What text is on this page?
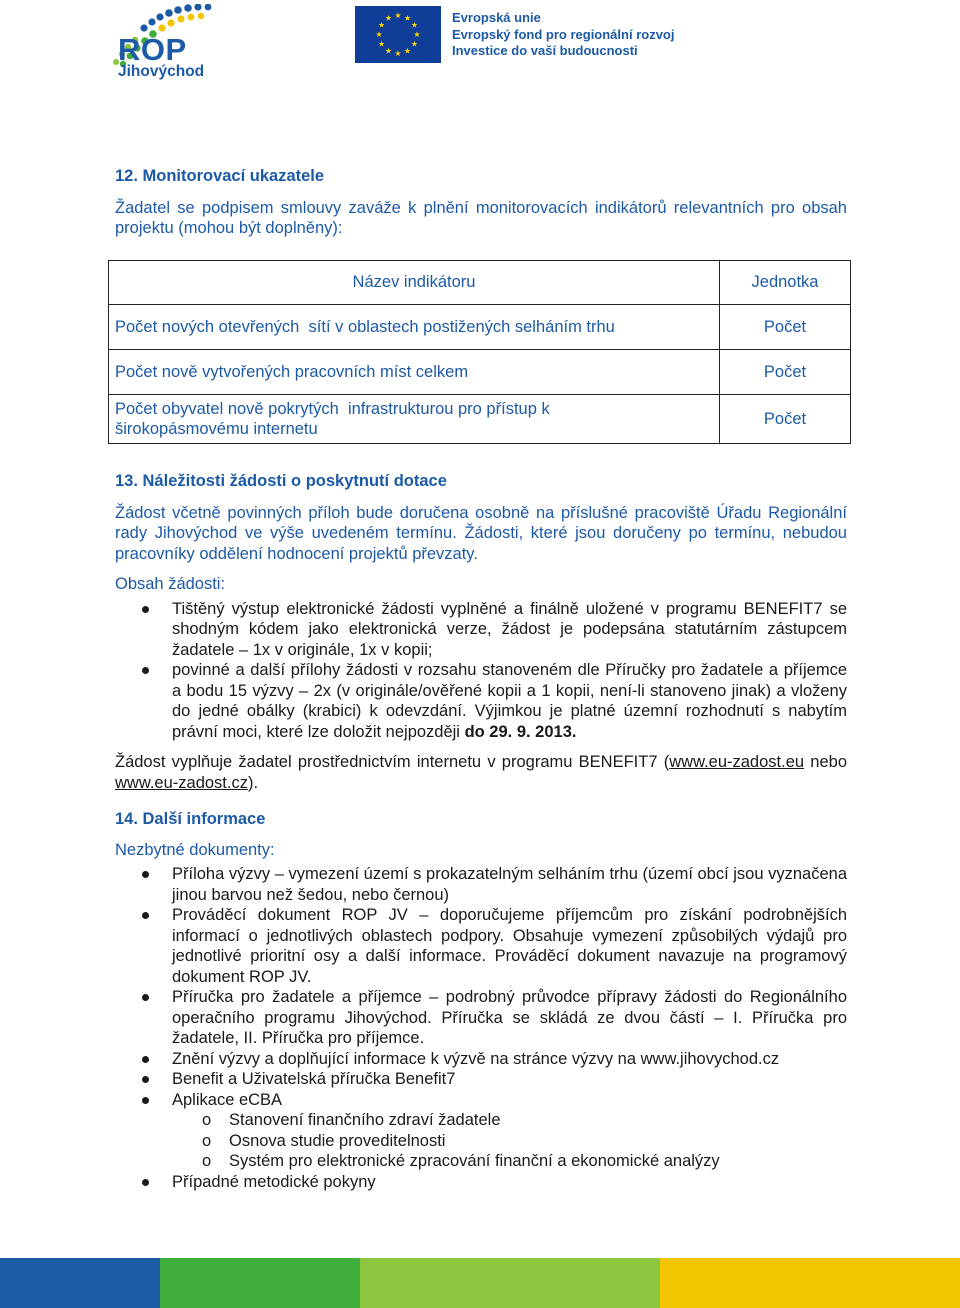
ROP
Jihovýchod
Evropská unie
Evropský fond pro regionální rozvoj
Investice do vaší budoucnosti

12. Monitorovací ukazatele

Žadatel se podpisem smlouvy zaváže k plnění monitorovacích indikátorů relevantních pro obsah projektu (mohou být doplněny):

Název indikátoru	Jednotka
Počet nových otevřených  sítí v oblastech postižených selháním trhu	Počet
Počet nově vytvořených pracovních míst celkem	Počet

Počet obyvatel nově pokrytých  infrastrukturou pro přístup k širokopásmovému internetu	Počet

13. Náležitosti žádosti o poskytnutí dotace

Žádost včetně povinných příloh bude doručena osobně na příslušné pracoviště Úřadu Regionální rady Jihovýchod ve výše uvedeném termínu. Žádosti, které jsou doručeny po termínu, nebudou pracovníky oddělení hodnocení projektů převzaty.

Obsah žádosti:

Tištěný výstup elektronické žádosti vyplněné a finálně uložené v programu BENEFIT7 se shodným kódem jako elektronická verze, žádost je podepsána statutárním zástupcem žadatele – 1x v originále, 1x v kopii;
povinné a další přílohy žádosti v rozsahu stanoveném dle Příručky pro žadatele a příjemce a bodu 15 výzvy – 2x (v originále/ověřené kopii a 1 kopii, není-li stanoveno jinak) a vloženy do jedné obálky (krabici) k odevzdání. Výjimkou je platné územní rozhodnutí s nabytím právní moci, které lze doložit nejpozději do 29. 9. 2013.

Žádost vyplňuje žadatel prostřednictvím internetu v programu BENEFIT7 (www.eu-zadost.eu nebo www.eu-zadost.cz).

14. Další informace

Nezbytné dokumenty:

Příloha výzvy – vymezení území s prokazatelným selháním trhu (území obcí jsou vyznačena jinou barvou než šedou, nebo černou)
Prováděcí dokument ROP JV – doporučujeme příjemcům pro získání podrobnějších informací o jednotlivých oblastech podpory. Obsahuje vymezení způsobilých výdajů pro jednotlivé prioritní osy a další informace. Prováděcí dokument navazuje na programový dokument ROP JV.
Příručka pro žadatele a příjemce – podrobný průvodce přípravy žádosti do Regionálního operačního programu Jihovýchod. Příručka se skládá ze dvou částí – I. Příručka pro žadatele, II. Příručka pro příjemce.
Znění výzvy a doplňující informace k výzvě na stránce výzvy na www.jihovychod.cz
Benefit a Uživatelská příručka Benefit7
Aplikace eCBA
o Stanovení finančního zdraví žadatele
o Osnova studie proveditelnosti
o Systém pro elektronické zpracování finanční a ekonomické analýzy
Případné metodické pokyny
